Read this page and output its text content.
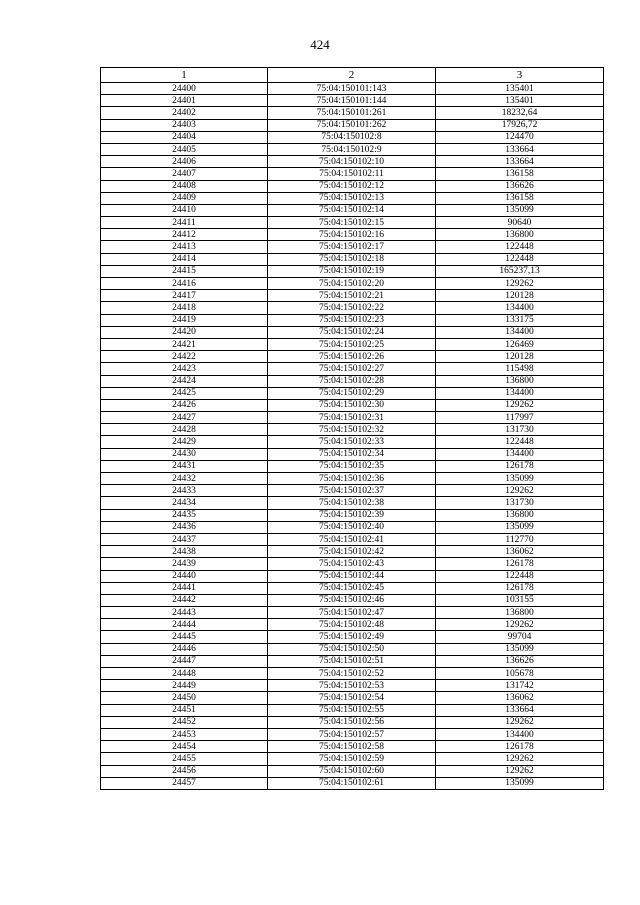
424
1	2	3
24400	75:04:150101:143	135401
24401	75:04:150101:144	135401
24402	75:04:150101:261	18232,64
24403	75:04:150101:262	17926,72
24404	75:04:150102:8	124470
24405	75:04:150102:9	133664
24406	75:04:150102:10	133664
24407	75:04:150102:11	136158
24408	75:04:150102:12	136626
24409	75:04:150102:13	136158
24410	75:04:150102:14	135099
24411	75:04:150102:15	90640
24412	75:04:150102:16	136800
24413	75:04:150102:17	122448
24414	75:04:150102:18	122448
24415	75:04:150102:19	165237,13
24416	75:04:150102:20	129262
24417	75:04:150102:21	120128
24418	75:04:150102:22	134400
24419	75:04:150102:23	133175
24420	75:04:150102:24	134400
24421	75:04:150102:25	126469
24422	75:04:150102:26	120128
24423	75:04:150102:27	115498
24424	75:04:150102:28	136800
24425	75:04:150102:29	134400
24426	75:04:150102:30	129262
24427	75:04:150102:31	117997
24428	75:04:150102:32	131730
24429	75:04:150102:33	122448
24430	75:04:150102:34	134400
24431	75:04:150102:35	126178
24432	75:04:150102:36	135099
24433	75:04:150102:37	129262
24434	75:04:150102:38	131730
24435	75:04:150102:39	136800
24436	75:04:150102:40	135099
24437	75:04:150102:41	112770
24438	75:04:150102:42	136062
24439	75:04:150102:43	126178
24440	75:04:150102:44	122448
24441	75:04:150102:45	126178
24442	75:04:150102:46	103155
24443	75:04:150102:47	136800
24444	75:04:150102:48	129262
24445	75:04:150102:49	99704
24446	75:04:150102:50	135099
24447	75:04:150102:51	136626
24448	75:04:150102:52	105678
24449	75:04:150102:53	131742
24450	75:04:150102:54	136062
24451	75:04:150102:55	133664
24452	75:04:150102:56	129262
24453	75:04:150102:57	134400
24454	75:04:150102:58	126178
24455	75:04:150102:59	129262
24456	75:04:150102:60	129262
24457	75:04:150102:61	135099
